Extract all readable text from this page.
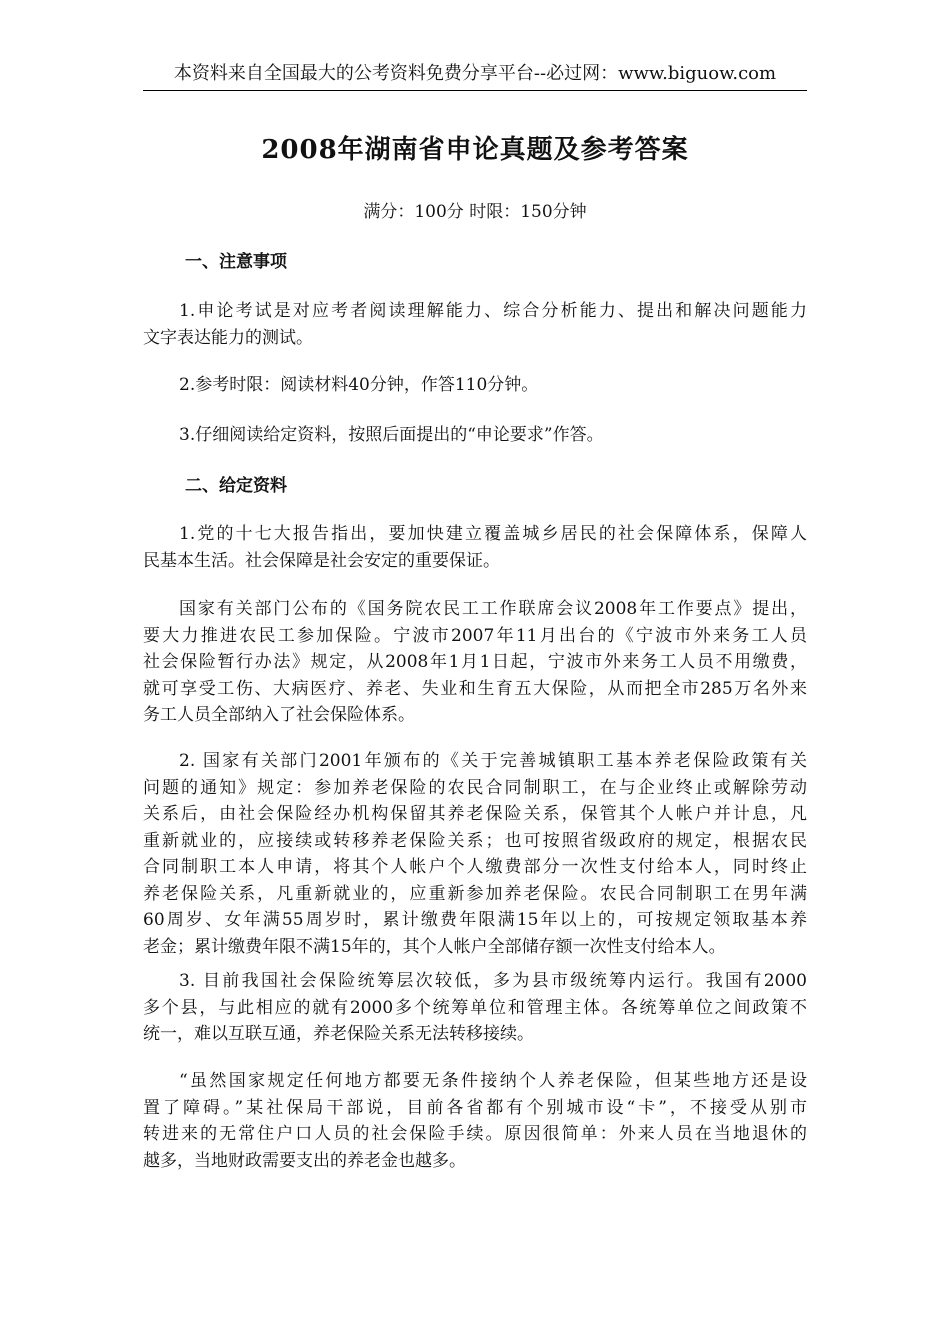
本资料来自全国最大的公考资料免费分享平台--必过网：www.biguow.com
2008年湖南省申论真题及参考答案
满分：100分 时限：150分钟
一、注意事项
1.申论考试是对应考者阅读理解能力、综合分析能力、提出和解决问题能力
文字表达能力的测试。
2.参考时限：阅读材料40分钟，作答110分钟。
3.仔细阅读给定资料，按照后面提出的“申论要求”作答。
二、给定资料
1.党的十七大报告指出，要加快建立覆盖城乡居民的社会保障体系，保障人
民基本生活。社会保障是社会安定的重要保证。
国家有关部门公布的《国务院农民工工作联席会议2008年工作要点》提出，
要大力推进农民工参加保险。宁波市2007年11月出台的《宁波市外来务工人员
社会保险暂行办法》规定，从2008年1月1日起，宁波市外来务工人员不用缴费，
就可享受工伤、大病医疗、养老、失业和生育五大保险，从而把全市285万名外来
务工人员全部纳入了社会保险体系。
2. 国家有关部门2001年颁布的《关于完善城镇职工基本养老保险政策有关
问题的通知》规定：参加养老保险的农民合同制职工，在与企业终止或解除劳动
关系后，由社会保险经办机构保留其养老保险关系，保管其个人帐户并计息，凡
重新就业的，应接续或转移养老保险关系；也可按照省级政府的规定，根据农民
合同制职工本人申请，将其个人帐户个人缴费部分一次性支付给本人，同时终止
养老保险关系，凡重新就业的，应重新参加养老保险。农民合同制职工在男年满
60周岁、女年满55周岁时，累计缴费年限满15年以上的，可按规定领取基本养
老金；累计缴费年限不满15年的，其个人帐户全部储存额一次性支付给本人。
3. 目前我国社会保险统筹层次较低，多为县市级统筹内运行。我国有2000
多个县，与此相应的就有2000多个统筹单位和管理主体。各统筹单位之间政策不
统一，难以互联互通，养老保险关系无法转移接续。
“虽然国家规定任何地方都要无条件接纳个人养老保险，但某些地方还是设
置了障碍。”某社保局干部说，目前各省都有个别城市设“卡”，不接受从别市
转进来的无常住户口人员的社会保险手续。原因很简单：外来人员在当地退休的
越多，当地财政需要支出的养老金也越多。
